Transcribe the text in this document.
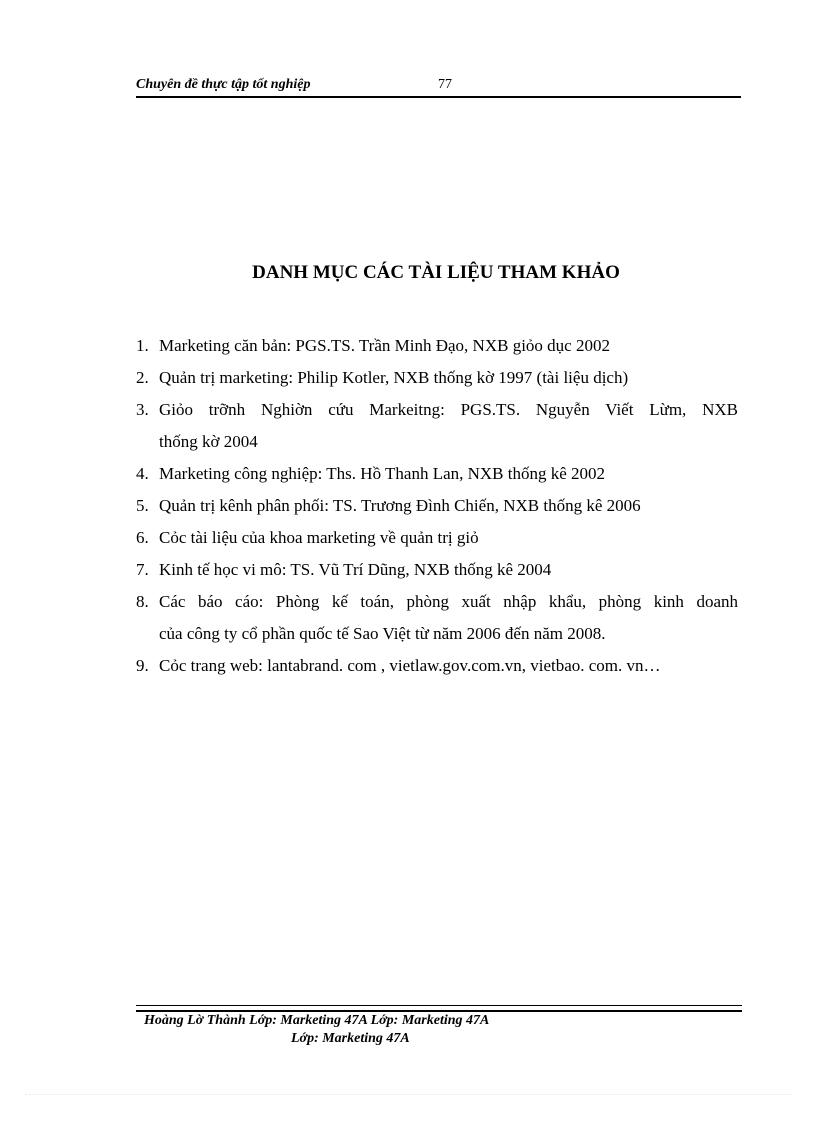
Chuyên đề thực tập tốt nghiệp	77
DANH MỤC CÁC TÀI LIỆU THAM KHẢO
1. Marketing căn bản: PGS.TS. Trần Minh Đạo, NXB giỏo dục 2002
2. Quản trị marketing: Philip Kotler, NXB thống kờ 1997 (tài liệu dịch)
3. Giỏo trỡnh Nghiờn cứu Markeitng: PGS.TS. Nguyễn Viết Lừm, NXB
thống kờ 2004
4. Marketing công nghiệp: Ths. Hồ Thanh Lan, NXB thống kê 2002
5. Quản trị kênh phân phối: TS. Trương Đình Chiến, NXB thống kê 2006
6. Cỏc tài liệu của khoa marketing về quản trị giỏ
7. Kinh tế học vi mô: TS. Vũ Trí Dũng, NXB thống kê 2004
8. Các báo cáo: Phòng kế toán, phòng xuất nhập khẩu, phòng kinh doanh
của công ty cổ phần quốc tế Sao Việt từ năm 2006 đến năm 2008.
9. Cỏc trang web: lantabrand. com , vietlaw.gov.com.vn, vietbao. com. vn…
Hoàng Lờ Thành Lớp: Marketing 47A Lớp: Marketing 47A
Lớp: Marketing 47A
